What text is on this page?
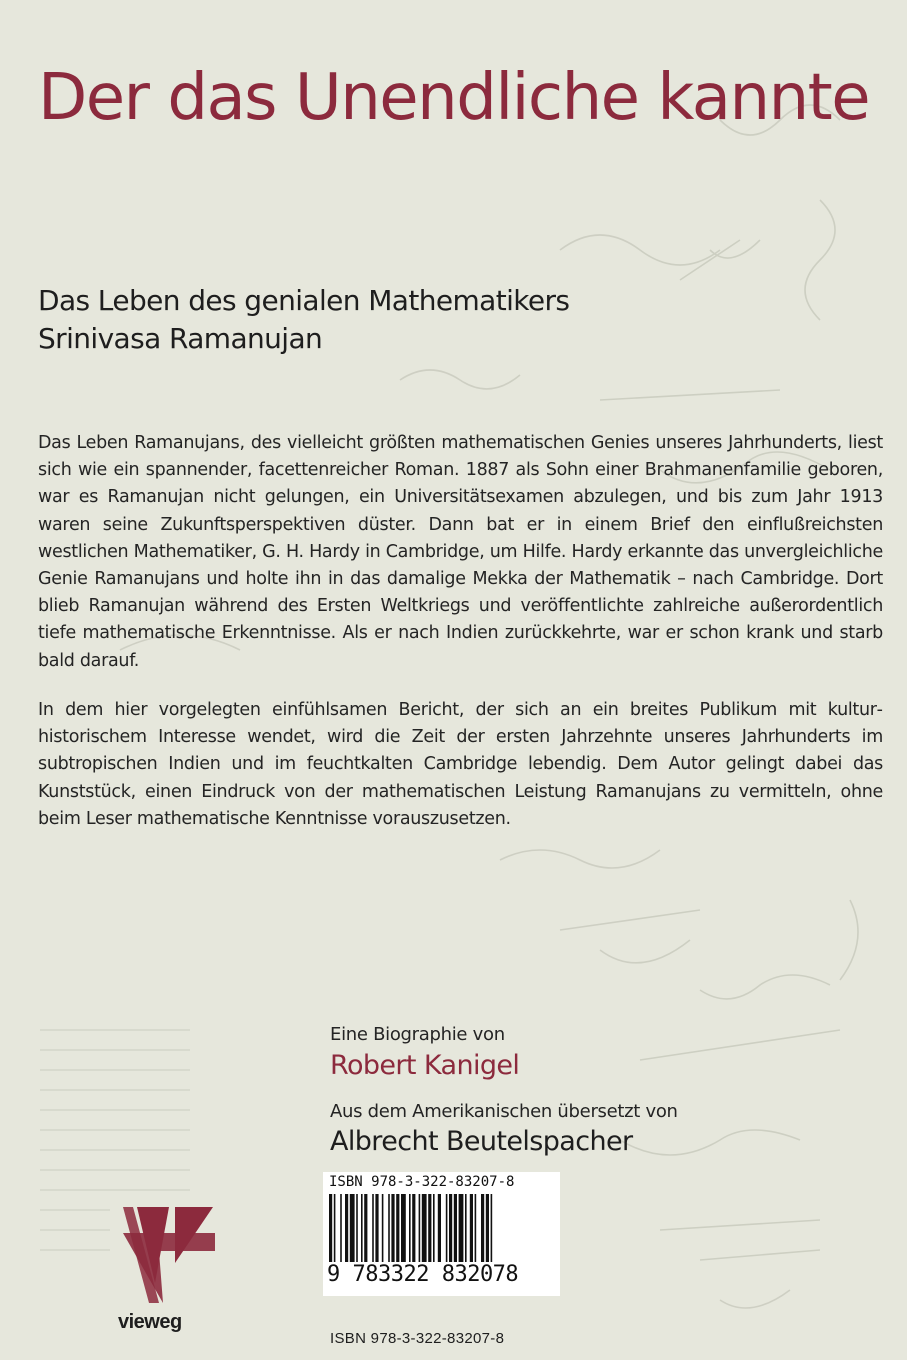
Der das Unendliche kannte
Das Leben des genialen Mathematikers
Srinivasa Ramanujan

Das Leben Ramanujans, des vielleicht größten mathematischen Genies unseres Jahrhunderts, liest sich wie ein spannender, facettenreicher Roman. 1887 als Sohn einer Brahmanenfamilie geboren, war es Ramanujan nicht gelungen, ein Universitätsexamen abzulegen, und bis zum Jahr 1913 waren seine Zukunftsperspektiven düster. Dann bat er in einem Brief den einflußreichsten westlichen Mathematiker, G. H. Hardy in Cambridge, um Hilfe. Hardy erkannte das unvergleichliche Genie Ramanujans und holte ihn in das damalige Mekka der Mathematik – nach Cambridge. Dort blieb Ramanujan während des Ersten Weltkriegs und veröffentlichte zahlreiche außerordentlich tiefe mathematische Erkenntnisse. Als er nach Indien zurückkehrte, war er schon krank und starb bald darauf.

In dem hier vorgelegten einfühlsamen Bericht, der sich an ein breites Publikum mit kulturhistorischem Interesse wendet, wird die Zeit der ersten Jahrzehnte unseres Jahrhunderts im subtropischen Indien und im feuchtkalten Cambridge lebendig. Dem Autor gelingt dabei das Kunststück, einen Eindruck von der mathematischen Leistung Ramanujans zu vermitteln, ohne beim Leser mathematische Kenntnisse vorauszusetzen.

Eine Biographie von

Robert Kanigel

Aus dem Amerikanischen übersetzt von

Albrecht Beutelspacher

ISBN 978-3-322-83207-8
9 783322 832078
ISBN 978-3-322-83207-8
vieweg
